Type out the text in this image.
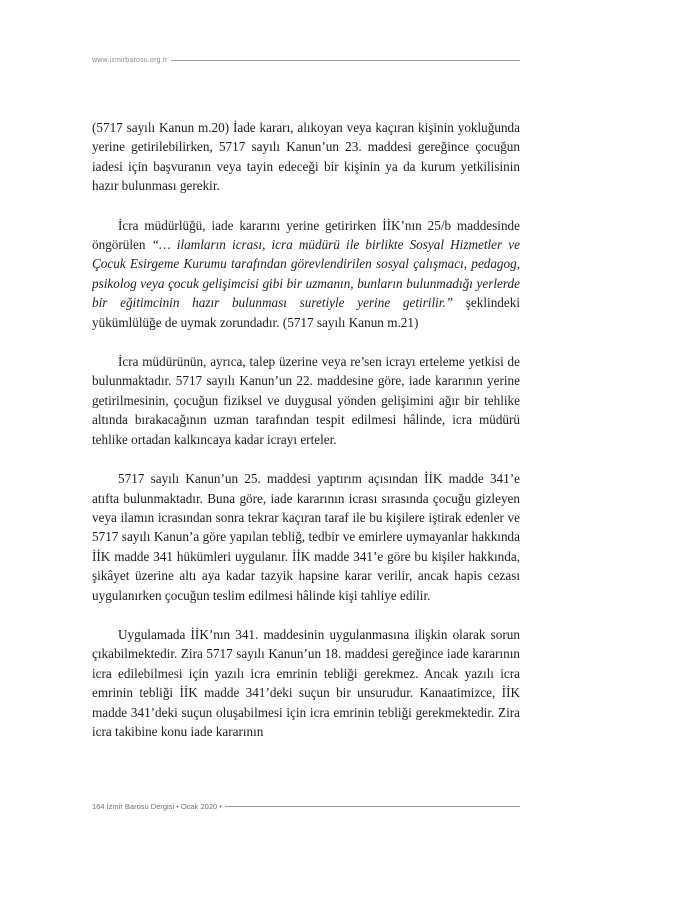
www.izmirbarosu.org.tr

(5717 sayılı Kanun m.20) İade kararı, alıkoyan veya kaçıran kişinin yokluğunda yerine getirilebilirken, 5717 sayılı Kanun’un 23. maddesi gereğince çocuğun iadesi için başvuranın veya tayin edeceği bir kişinin ya da kurum yetkilisinin hazır bulunması gerekir.

İcra müdürlüğü, iade kararını yerine getirirken İİK’nın 25/b maddesinde öngörülen “… ilamların icrası, icra müdürü ile birlikte Sosyal Hizmetler ve Çocuk Esirgeme Kurumu tarafından görevlendirilen sosyal çalışmacı, pedagog, psikolog veya çocuk gelişimcisi gibi bir uzmanın, bunların bulunmadığı yerlerde bir eğitimcinin hazır bulunması suretiyle yerine getirilir.” şeklindeki yükümlülüğe de uymak zorundadır. (5717 sayılı Kanun m.21)

İcra müdürünün, ayrıca, talep üzerine veya re’sen icrayı erteleme yetkisi de bulunmaktadır. 5717 sayılı Kanun’un 22. maddesine göre, iade kararının yerine getirilmesinin, çocuğun fiziksel ve duygusal yönden gelişimini ağır bir tehlike altında bırakacağının uzman tarafından tespit edilmesi hâlinde, icra müdürü tehlike ortadan kalkıncaya kadar icrayı erteler.

5717 sayılı Kanun’un 25. maddesi yaptırım açısından İİK madde 341’e atıfta bulunmaktadır. Buna göre, iade kararının icrası sırasında çocuğu gizleyen veya ilamın icrasından sonra tekrar kaçıran taraf ile bu kişilere iştirak edenler ve 5717 sayılı Kanun’a göre yapılan tebliğ, tedbir ve emirlere uymayanlar hakkında İİK madde 341 hükümleri uygulanır. İİK madde 341’e göre bu kişiler hakkında, şikâyet üzerine altı aya kadar tazyik hapsine karar verilir, ancak hapis cezası uygulanırken çocuğun teslim edilmesi hâlinde kişi tahliye edilir.

Uygulamada İİK’nın 341. maddesinin uygulanmasına ilişkin olarak sorun çıkabilmektedir. Zira 5717 sayılı Kanun’un 18. maddesi gereğince iade kararının icra edilebilmesi için yazılı icra emrinin tebliği gerekmez. Ancak yazılı icra emrinin tebliği İİK madde 341’deki suçun bir unsurudur. Kanaatimizce, İİK madde 341’deki suçun oluşabilmesi için icra emrinin tebliği gerekmektedir. Zira icra takibine konu iade kararının

164 İzmir Barosu Dergisi • Ocak 2020 •
